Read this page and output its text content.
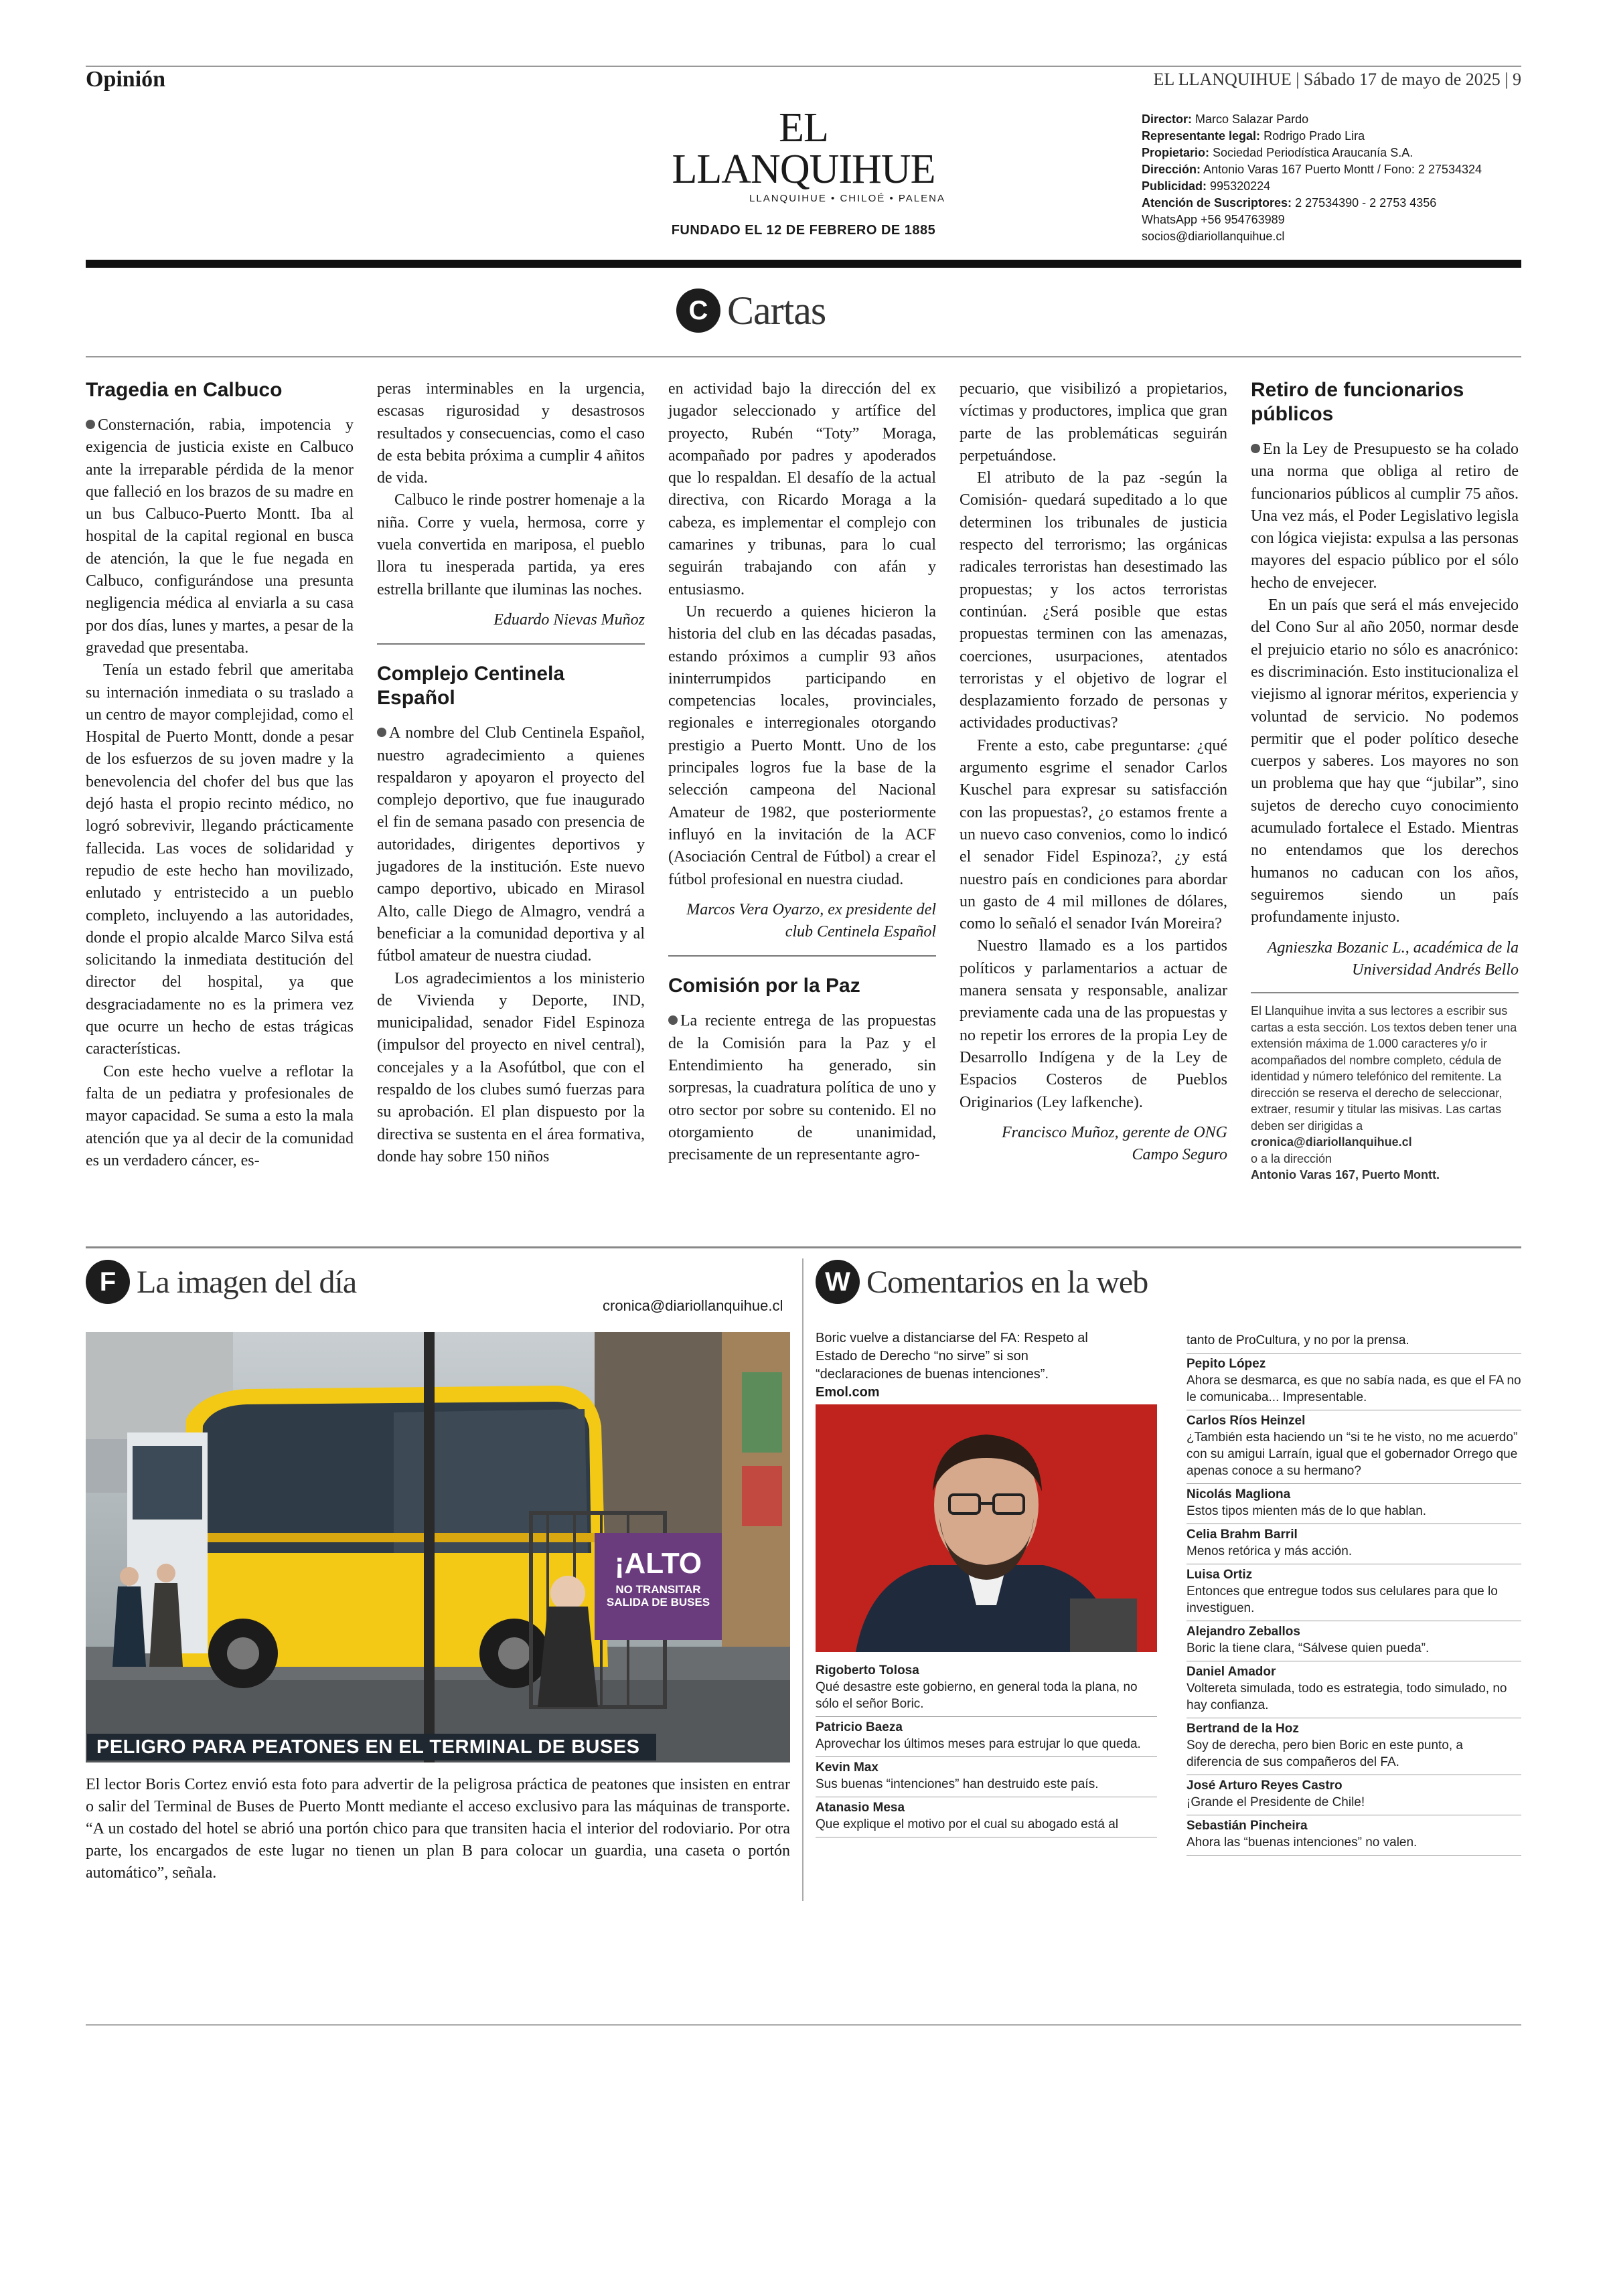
Opinión	EL LLANQUIHUE | Sábado 17 de mayo de 2025 | 9
EL LLANQUIHUE
LLANQUIHUE • CHILOÉ • PALENA
FUNDADO EL 12 DE FEBRERO DE 1885
Director: Marco Salazar Pardo
Representante legal: Rodrigo Prado Lira
Propietario: Sociedad Periodística Araucanía S.A.
Dirección: Antonio Varas 167 Puerto Montt / Fono: 2 27534324
Publicidad: 995320224
Atención de Suscriptores: 2 27534390 - 2 2753 4356
WhatsApp +56 954763989
socios@diariollanquihue.cl
C Cartas
Tragedia en Calbuco

Consternación, rabia, impotencia y exigencia de justicia existe en Calbuco ante la irreparable pérdida de la menor que falleció en los brazos de su madre en un bus Calbuco-Puerto Montt. Iba al hospital de la capital regional en busca de atención, la que le fue negada en Calbuco, configurándose una presunta negligencia médica al enviarla a su casa por dos días, lunes y martes, a pesar de la gravedad que presentaba.

Tenía un estado febril que ameritaba su internación inmediata o su traslado a un centro de mayor complejidad, como el Hospital de Puerto Montt, donde a pesar de los esfuerzos de su joven madre y la benevolencia del chofer del bus que las dejó hasta el propio recinto médico, no logró sobrevivir, llegando prácticamente fallecida. Las voces de solidaridad y repudio de este hecho han movilizado, enlutado y entristecido a un pueblo completo, incluyendo a las autoridades, donde el propio alcalde Marco Silva está solicitando la inmediata destitución del director del hospital, ya que desgraciadamente no es la primera vez que ocurre un hecho de estas trágicas características.

Con este hecho vuelve a reflotar la falta de un pediatra y profesionales de mayor capacidad. Se suma a esto la mala atención que ya al decir de la comunidad es un verdadero cáncer, es-

peras interminables en la urgencia, escasas rigurosidad y desastrosos resultados y consecuencias, como el caso de esta bebita próxima a cumplir 4 añitos de vida.

Calbuco le rinde postrer homenaje a la niña. Corre y vuela, hermosa, corre y vuela convertida en mariposa, el pueblo llora tu inesperada partida, ya eres estrella brillante que iluminas las noches.

Eduardo Nievas Muñoz

Complejo Centinela Español

A nombre del Club Centinela Español, nuestro agradecimiento a quienes respaldaron y apoyaron el proyecto del complejo deportivo, que fue inaugurado el fin de semana pasado con presencia de autoridades, dirigentes deportivos y jugadores de la institución. Este nuevo campo deportivo, ubicado en Mirasol Alto, calle Diego de Almagro, vendrá a beneficiar a la comunidad deportiva y al fútbol amateur de nuestra ciudad.

Los agradecimientos a los ministerio de Vivienda y Deporte, IND, municipalidad, senador Fidel Espinoza (impulsor del proyecto en nivel central), concejales y a la Asofútbol, que con el respaldo de los clubes sumó fuerzas para su aprobación. El plan dispuesto por la directiva se sustenta en el área formativa, donde hay sobre 150 niños

en actividad bajo la dirección del ex jugador seleccionado y artífice del proyecto, Rubén “Toty” Moraga, acompañado por padres y apoderados que lo respaldan. El desafío de la actual directiva, con Ricardo Moraga a la cabeza, es implementar el complejo con camarines y tribunas, para lo cual seguirán trabajando con afán y entusiasmo.

Un recuerdo a quienes hicieron la historia del club en las décadas pasadas, estando próximos a cumplir 93 años ininterrumpidos participando en competencias locales, provinciales, regionales e interregionales otorgando prestigio a Puerto Montt. Uno de los principales logros fue la base de la selección campeona del Nacional Amateur de 1982, que posteriormente influyó en la invitación de la ACF (Asociación Central de Fútbol) a crear el fútbol profesional en nuestra ciudad.

Marcos Vera Oyarzo, ex presidente del club Centinela Español

Comisión por la Paz

La reciente entrega de las propuestas de la Comisión para la Paz y el Entendimiento ha generado, sin sorpresas, la cuadratura política de uno y otro sector por sobre su contenido. El no otorgamiento de unanimidad, precisamente de un representante agro-

pecuario, que visibilizó a propietarios, víctimas y productores, implica que gran parte de las problemáticas seguirán perpetuándose.

El atributo de la paz -según la Comisión- quedará supeditado a lo que determinen los tribunales de justicia respecto del terrorismo; las orgánicas radicales terroristas han desestimado las propuestas; y los actos terroristas continúan. ¿Será posible que estas propuestas terminen con las amenazas, coerciones, usurpaciones, atentados terroristas y el objetivo de lograr el desplazamiento forzado de personas y actividades productivas?

Frente a esto, cabe preguntarse: ¿qué argumento esgrime el senador Carlos Kuschel para expresar su satisfacción con las propuestas?, ¿o estamos frente a un nuevo caso convenios, como lo indicó el senador Fidel Espinoza?, ¿y está nuestro país en condiciones para abordar un gasto de 4 mil millones de dólares, como lo señaló el senador Iván Moreira?

Nuestro llamado es a los partidos políticos y parlamentarios a actuar de manera sensata y responsable, analizar previamente cada una de las propuestas y no repetir los errores de la propia Ley de Desarrollo Indígena y de la Ley de Espacios Costeros de Pueblos Originarios (Ley lafkenche).

Francisco Muñoz, gerente de ONG Campo Seguro

Retiro de funcionarios públicos

En la Ley de Presupuesto se ha colado una norma que obliga al retiro de funcionarios públicos al cumplir 75 años. Una vez más, el Poder Legislativo legisla con lógica viejista: expulsa a las personas mayores del espacio público por el sólo hecho de envejecer.

En un país que será el más envejecido del Cono Sur al año 2050, normar desde el prejuicio etario no sólo es anacrónico: es discriminación. Esto institucionaliza el viejismo al ignorar méritos, experiencia y voluntad de servicio. No podemos permitir que el poder político deseche cuerpos y saberes. Los mayores no son un problema que hay que “jubilar”, sino sujetos de derecho cuyo conocimiento acumulado fortalece el Estado. Mientras no entendamos que los derechos humanos no caducan con los años, seguiremos siendo un país profundamente injusto.

Agnieszka Bozanic L., académica de la Universidad Andrés Bello

El Llanquihue invita a sus lectores a escribir sus cartas a esta sección. Los textos deben tener una extensión máxima de 1.000 caracteres y/o ir acompañados del nombre completo, cédula de identidad y número telefónico del remitente. La dirección se reserva el derecho de seleccionar, extraer, resumir y titular las misivas. Las cartas deben ser dirigidas a

cronica@diariollanquihue.cl

o a la dirección

Antonio Varas 167, Puerto Montt.

F La imagen del día
cronica@diariollanquihue.cl
¡ALTO
NO TRANSITAR SALIDA DE BUSES
PELIGRO PARA PEATONES EN EL TERMINAL DE BUSES
El lector Boris Cortez envió esta foto para advertir de la peligrosa práctica de peatones que insisten en entrar o salir del Terminal de Buses de Puerto Montt mediante el acceso exclusivo para las máquinas de transporte. “A un costado del hotel se abrió una portón chico para que transiten hacia el interior del rodoviario. Por otra parte, los encargados de este lugar no tienen un plan B para colocar un guardia, una caseta o portón automático”, señala.
W Comentarios en la web
Boric vuelve a distanciarse del FA: Respeto al Estado de Derecho “no sirve” si son “declaraciones de buenas intenciones”. Emol.com
Rigoberto Tolosa
Qué desastre este gobierno, en general toda la plana, no sólo el señor Boric.
Patricio Baeza
Aprovechar los últimos meses para estrujar lo que queda.
Kevin Max
Sus buenas “intenciones” han destruido este país.
Atanasio Mesa
Que explique el motivo por el cual su abogado está al
tanto de ProCultura, y no por la prensa.
Pepito López
Ahora se desmarca, es que no sabía nada, es que el FA no le comunicaba... Impresentable.
Carlos Ríos Heinzel
¿También esta haciendo un “si te he visto, no me acuerdo” con su amigui Larraín, igual que el gobernador Orrego que apenas conoce a su hermano?
Nicolás Magliona
Estos tipos mienten más de lo que hablan.
Celia Brahm Barril
Menos retórica y más acción.
Luisa Ortiz
Entonces que entregue todos sus celulares para que lo investiguen.
Alejandro Zeballos
Boric la tiene clara, “Sálvese quien pueda”.
Daniel Amador
Voltereta simulada, todo es estrategia, todo simulado, no hay confianza.
Bertrand de la Hoz
Soy de derecha, pero bien Boric en este punto, a diferencia de sus compañeros del FA.
José Arturo Reyes Castro
¡Grande el Presidente de Chile!
Sebastián Pincheira
Ahora las “buenas intenciones” no valen.
